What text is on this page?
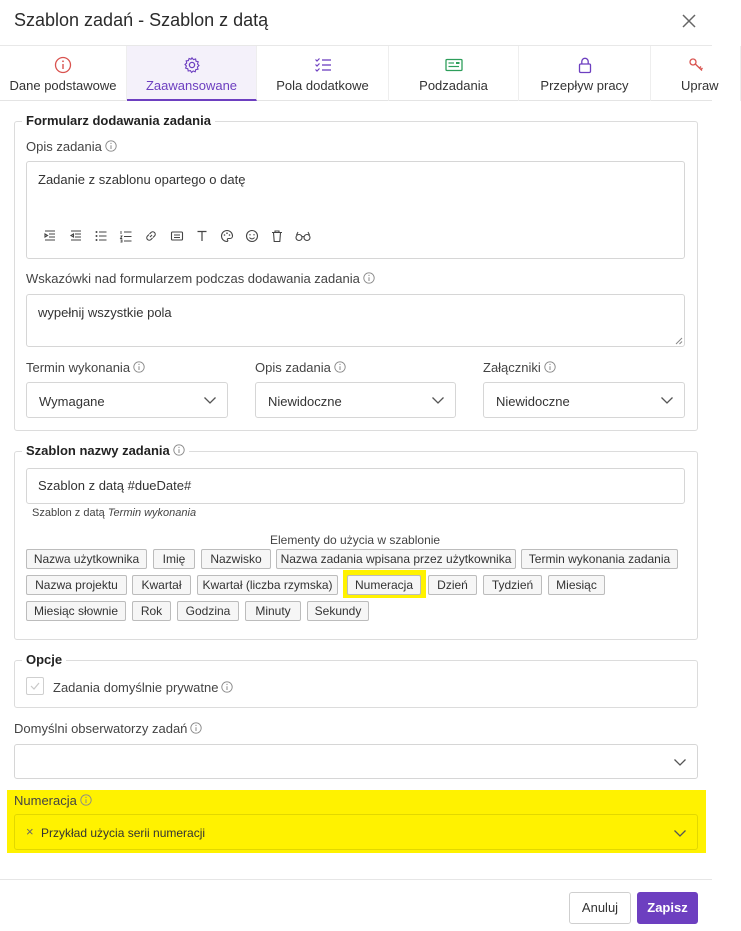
Szablon zadań - Szablon z datą
Dane podstawowe	Zaawansowane	Pola dodatkowe	Podzadania	Przepływ pracy	Upraw
Formularz dodawania zadania
Opis zadania
Zadanie z szablonu opartego o datę
Wskazówki nad formularzem podczas dodawania zadania
wypełnij wszystkie pola
Termin wykonania
Wymagane
Opis zadania
Niewidoczne
Załączniki
Niewidoczne
Szablon nazwy zadania
Szablon z datą #dueDate#
Szablon z datą Termin wykonania
Elementy do użycia w szablonie
Nazwa użytkownika	Imię	Nazwisko	Nazwa zadania wpisana przez użytkownika	Termin wykonania zadania
Nazwa projektu	Kwartał	Kwartał (liczba rzymska)	Numeracja	Dzień	Tydzień	Miesiąc
Miesiąc słownie	Rok	Godzina	Minuty	Sekundy
Opcje
Zadania domyślnie prywatne
Domyślni obserwatorzy zadań
Numeracja
× Przykład użycia serii numeracji
Anuluj	Zapisz
